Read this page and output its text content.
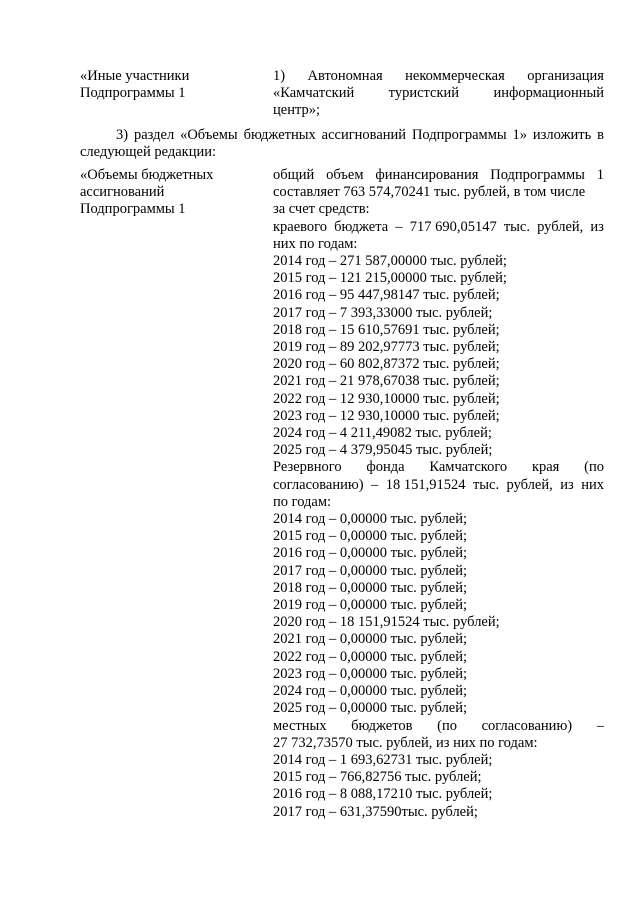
«Иные участники
Подпрограммы 1
1) Автономная некоммерческая организация
«Камчатский туристский информационный
центр»;
3) раздел «Объемы бюджетных ассигнований Подпрограммы 1» изложить в
следующей редакции:
«Объемы бюджетных
ассигнований
Подпрограммы 1
общий объем финансирования Подпрограммы 1
составляет 763 574,70241 тыс. рублей, в том числе
за счет средств:
краевого бюджета – 717 690,05147 тыс. рублей, из
них по годам:
2014 год – 271 587,00000 тыс. рублей;
2015 год – 121 215,00000 тыс. рублей;
2016 год – 95 447,98147 тыс. рублей;
2017 год – 7 393,33000 тыс. рублей;
2018 год – 15 610,57691 тыс. рублей;
2019 год – 89 202,97773 тыс. рублей;
2020 год – 60 802,87372 тыс. рублей;
2021 год – 21 978,67038 тыс. рублей;
2022 год – 12 930,10000 тыс. рублей;
2023 год – 12 930,10000 тыс. рублей;
2024 год – 4 211,49082 тыс. рублей;
2025 год – 4 379,95045 тыс. рублей;
Резервного фонда Камчатского края (по
согласованию) – 18 151,91524 тыс. рублей, из них
по годам:
2014 год – 0,00000 тыс. рублей;
2015 год – 0,00000 тыс. рублей;
2016 год – 0,00000 тыс. рублей;
2017 год – 0,00000 тыс. рублей;
2018 год – 0,00000 тыс. рублей;
2019 год – 0,00000 тыс. рублей;
2020 год – 18 151,91524 тыс. рублей;
2021 год – 0,00000 тыс. рублей;
2022 год – 0,00000 тыс. рублей;
2023 год – 0,00000 тыс. рублей;
2024 год – 0,00000 тыс. рублей;
2025 год – 0,00000 тыс. рублей;
местных бюджетов (по согласованию) –
27 732,73570 тыс. рублей, из них по годам:
2014 год – 1 693,62731 тыс. рублей;
2015 год – 766,82756 тыс. рублей;
2016 год – 8 088,17210 тыс. рублей;
2017 год – 631,37590тыс. рублей;
